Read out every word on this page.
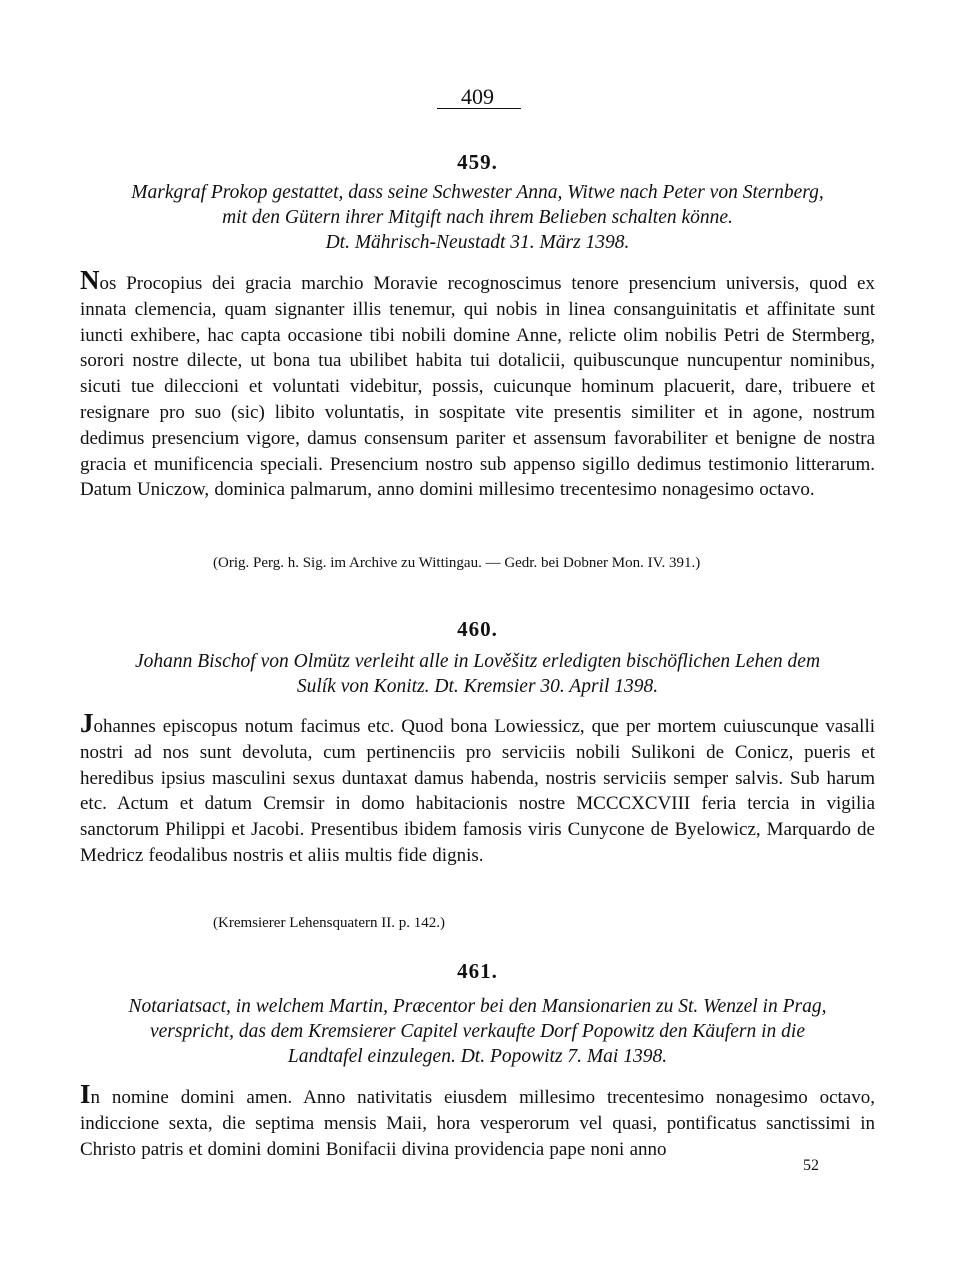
409
459.
Markgraf Prokop gestattet, dass seine Schwester Anna, Witwe nach Peter von Sternberg,
mit den Gütern ihrer Mitgift nach ihrem Belieben schalten könne.
Dt. Mährisch-Neustadt 31. März 1398.

Nos Procopius dei gracia marchio Moravie recognoscimus tenore presencium universis, quod ex innata clemencia, quam signanter illis tenemur, qui nobis in linea consanguinitatis et affinitate sunt iuncti exhibere, hac capta occasione tibi nobili domine Anne, relicte olim nobilis Petri de Stermberg, sorori nostre dilecte, ut bona tua ubilibet habita tui dotalicii, quibuscunque nuncupentur nominibus, sicuti tue dileccioni et voluntati videbitur, possis, cuicunque hominum placuerit, dare, tribuere et resignare pro suo (sic) libito voluntatis, in sospitate vite presentis similiter et in agone, nostrum dedimus presencium vigore, damus consensum pariter et assensum favorabiliter et benigne de nostra gracia et munificencia speciali. Presencium nostro sub appenso sigillo dedimus testimonio litterarum. Datum Uniczow, dominica palmarum, anno domini millesimo trecentesimo nonagesimo octavo.

(Orig. Perg. h. Sig. im Archive zu Wittingau. — Gedr. bei Dobner Mon. IV. 391.)
460.
Johann Bischof von Olmütz verleiht alle in Lověšitz erledigten bischöflichen Lehen dem
Sulík von Konitz. Dt. Kremsier 30. April 1398.

Johannes episcopus notum facimus etc. Quod bona Lowiessicz, que per mortem cuiuscunque vasalli nostri ad nos sunt devoluta, cum pertinenciis pro serviciis nobili Sulikoni de Conicz, pueris et heredibus ipsius masculini sexus duntaxat damus habenda, nostris serviciis semper salvis. Sub harum etc. Actum et datum Cremsir in domo habitacionis nostre MCCCXCVIII feria tercia in vigilia sanctorum Philippi et Jacobi. Presentibus ibidem famosis viris Cunycone de Byelowicz, Marquardo de Medricz feodalibus nostris et aliis multis fide dignis.

(Kremsierer Lehensquatern II. p. 142.)
461.
Notariatsact, in welchem Martin, Præcentor bei den Mansionarien zu St. Wenzel in Prag,
verspricht, das dem Kremsierer Capitel verkaufte Dorf Popowitz den Käufern in die
Landtafel einzulegen. Dt. Popowitz 7. Mai 1398.

In nomine domini amen. Anno nativitatis eiusdem millesimo trecentesimo nonagesimo octavo, indiccione sexta, die septima mensis Maii, hora vesperorum vel quasi, pontificatus sanctissimi in Christo patris et domini domini Bonifacii divina providencia pape noni anno

52
